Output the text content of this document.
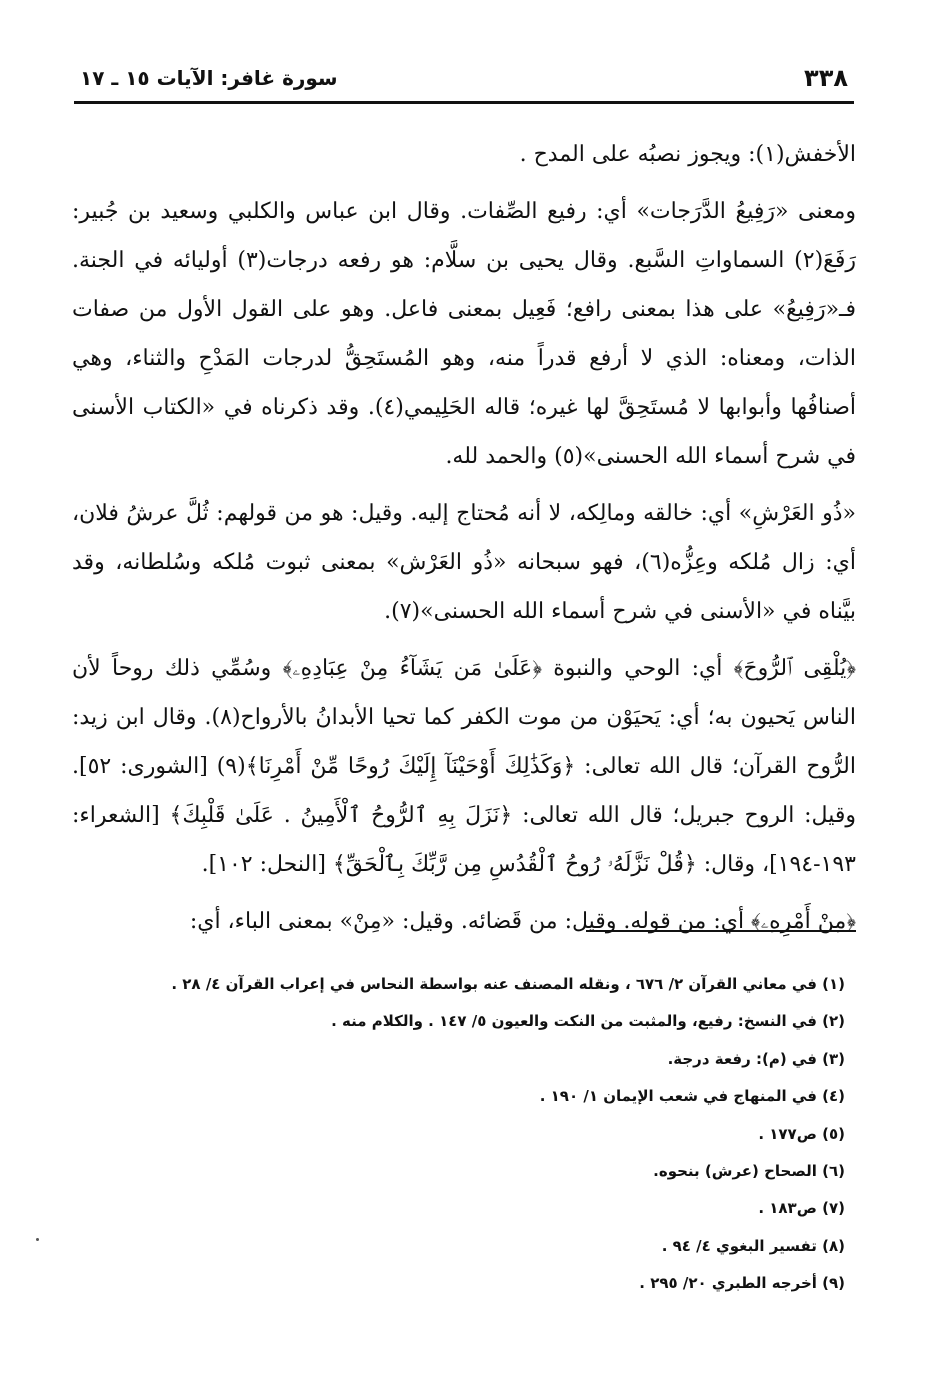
٣٣٨
سورة غافر: الآيات ١٥ ـ ١٧

الأخفش(١): ويجوز نصبُه على المدح .

ومعنى «رَفِيعُ الدَّرَجات» أي: رفيع الصِّفات. وقال ابن عباس والكلبي وسعيد بن جُبير: رَفَعَ(٢) السماواتِ السَّبع. وقال يحيى بن سلَّام: هو رفعه درجات(٣) أوليائه في الجنة. فـ«رَفِيعُ» على هذا بمعنى رافع؛ فَعِيل بمعنى فاعل. وهو على القول الأول من صفات الذات، ومعناه: الذي لا أرفع قدراً منه، وهو المُستَحِقُّ لدرجات المَدْحِ والثناء، وهي أصنافُها وأبوابها لا مُستَحِقَّ لها غيره؛ قاله الحَلِيمي(٤). وقد ذكرناه في «الكتاب الأسنى في شرح أسماء الله الحسنى»(٥) والحمد لله.

«ذُو العَرْشِ» أي: خالقه ومالِكه، لا أنه مُحتاج إليه. وقيل: هو من قولهم: ثُلَّ عرشُ فلان، أي: زال مُلكه وعِزُّه(٦)، فهو سبحانه «ذُو العَرْش» بمعنى ثبوت مُلكه وسُلطانه، وقد بيَّناه في «الأسنى في شرح أسماء الله الحسنى»(٧).

﴿يُلْقِى ٱلرُّوحَ﴾ أي: الوحي والنبوة ﴿عَلَىٰ مَن يَشَآءُ مِنْ عِبَادِهِۦ﴾ وسُمِّي ذلك روحاً لأن الناس يَحيون به؛ أي: يَحيَوْن من موت الكفر كما تحيا الأبدانُ بالأرواح(٨). وقال ابن زيد: الرُّوح القرآن؛ قال الله تعالى: ﴿وَكَذَٰلِكَ أَوْحَيْنَآ إِلَيْكَ رُوحًا مِّنْ أَمْرِنَا﴾(٩) [الشورى: ٥٢]. وقيل: الروح جبريل؛ قال الله تعالى: ﴿نَزَلَ بِهِ ٱلرُّوحُ ٱلْأَمِينُ . عَلَىٰ قَلْبِكَ﴾ [الشعراء: ١٩٣-١٩٤]، وقال: ﴿قُلْ نَزَّلَهُۥ رُوحُ ٱلْقُدُسِ مِن رَّبِّكَ بِٱلْحَقِّ﴾ [النحل: ١٠٢].

﴿مِنْ أَمْرِهِۦ﴾ أي: من قوله. وقيل: من قَضائه. وقيل: «مِنْ» بمعنى الباء، أي:

(١) في معاني القرآن ٢/ ٦٧٦ ، ونقله المصنف عنه بواسطة النحاس في إعراب القرآن ٤/ ٢٨ .
(٢) في النسخ: رفيع، والمثبت من النكت والعيون ٥/ ١٤٧ . والكلام منه .
(٣) في (م): رفعة درجة.
(٤) في المنهاج في شعب الإيمان ١/ ١٩٠ .
(٥) ص١٧٧ .
(٦) الصحاح (عرش) بنحوه.
(٧) ص١٨٣ .
(٨) تفسير البغوي ٤/ ٩٤ .
(٩) أخرجه الطبري ٢٠/ ٢٩٥ .
